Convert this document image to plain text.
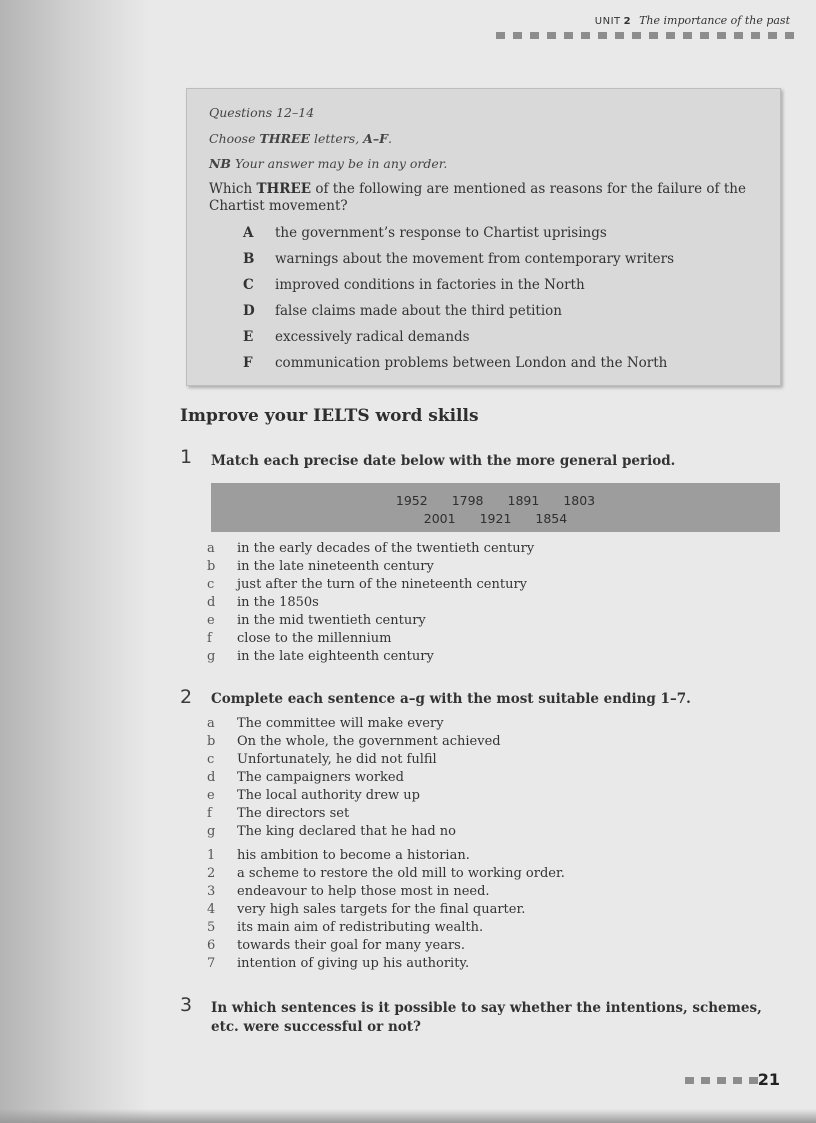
UNIT 2 The importance of the past
Questions 12–14
Choose THREE letters, A–F.
NB Your answer may be in any order.
Which THREE of the following are mentioned as reasons for the failure of the Chartist movement?
A the government’s response to Chartist uprisings
B warnings about the movement from contemporary writers
C improved conditions in factories in the North
D false claims made about the third petition
E excessively radical demands
F communication problems between London and the North
Improve your IELTS word skills
1 Match each precise date below with the more general period.
1952 1798 1891 1803
2001 1921 1854
a in the early decades of the twentieth century
b in the late nineteenth century
c just after the turn of the nineteenth century
d in the 1850s
e in the mid twentieth century
f close to the millennium
g in the late eighteenth century
2 Complete each sentence a–g with the most suitable ending 1–7.
a The committee will make every
b On the whole, the government achieved
c Unfortunately, he did not fulfil
d The campaigners worked
e The local authority drew up
f The directors set
g The king declared that he had no
1 his ambition to become a historian.
2 a scheme to restore the old mill to working order.
3 endeavour to help those most in need.
4 very high sales targets for the final quarter.
5 its main aim of redistributing wealth.
6 towards their goal for many years.
7 intention of giving up his authority.
3 In which sentences is it possible to say whether the intentions, schemes, etc. were successful or not?
21
